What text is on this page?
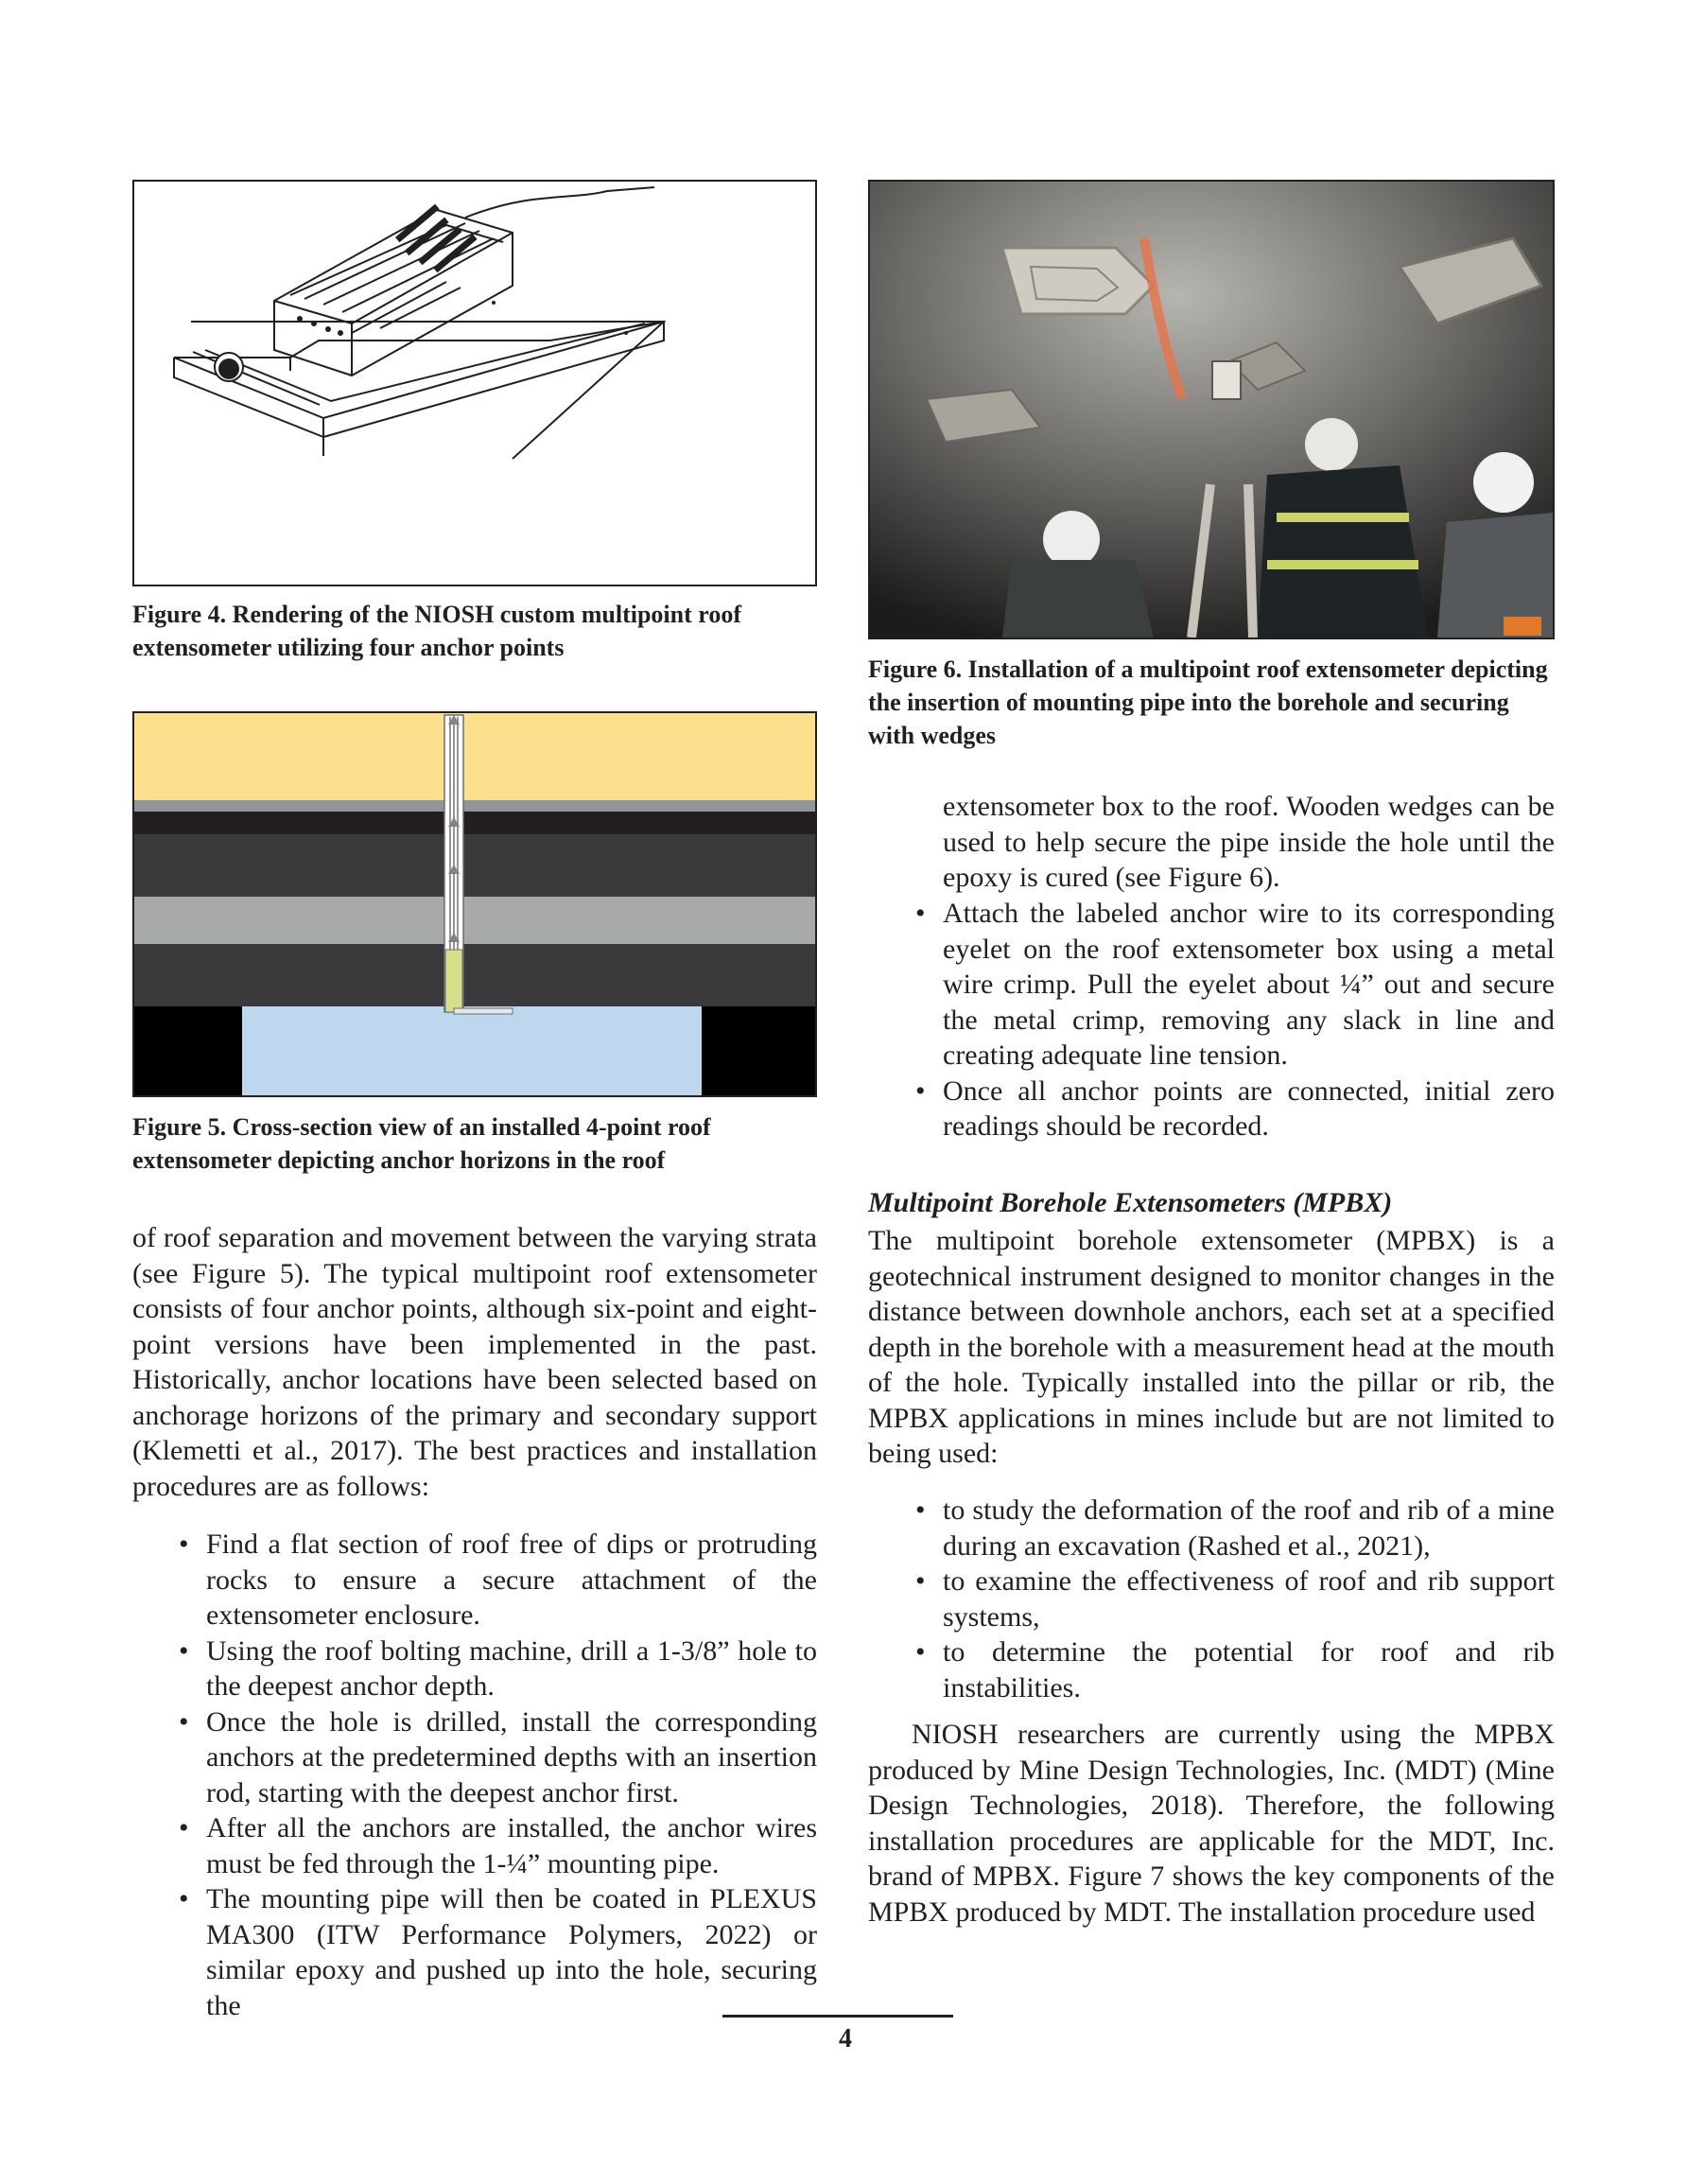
Figure 4. Rendering of the NIOSH custom multipoint roof extensometer utilizing four anchor points

Figure 5. Cross-section view of an installed 4-point roof extensometer depicting anchor horizons in the roof

Figure 6. Installation of a multipoint roof extensometer depicting the insertion of mounting pipe into the borehole and securing with wedges

of roof separation and movement between the varying strata (see Figure 5). The typical multipoint roof extensometer consists of four anchor points, although six-point and eight-point versions have been implemented in the past. Historically, anchor locations have been selected based on anchorage horizons of the primary and secondary support (Klemetti et al., 2017). The best practices and installation procedures are as follows:

• Find a flat section of roof free of dips or protruding rocks to ensure a secure attachment of the extensometer enclosure.
• Using the roof bolting machine, drill a 1-3/8” hole to the deepest anchor depth.
• Once the hole is drilled, install the corresponding anchors at the predetermined depths with an insertion rod, starting with the deepest anchor first.
• After all the anchors are installed, the anchor wires must be fed through the 1-¼” mounting pipe.
• The mounting pipe will then be coated in PLEXUS MA300 (ITW Performance Polymers, 2022) or similar epoxy and pushed up into the hole, securing the

extensometer box to the roof. Wooden wedges can be used to help secure the pipe inside the hole until the epoxy is cured (see Figure 6).

• Attach the labeled anchor wire to its corresponding eyelet on the roof extensometer box using a metal wire crimp. Pull the eyelet about ¼” out and secure the metal crimp, removing any slack in line and creating adequate line tension.
• Once all anchor points are connected, initial zero readings should be recorded.
Multipoint Borehole Extensometers (MPBX)

The multipoint borehole extensometer (MPBX) is a geotechnical instrument designed to monitor changes in the distance between downhole anchors, each set at a specified depth in the borehole with a measurement head at the mouth of the hole. Typically installed into the pillar or rib, the MPBX applications in mines include but are not limited to being used:

• to study the deformation of the roof and rib of a mine during an excavation (Rashed et al., 2021),
• to examine the effectiveness of roof and rib support systems,
• to determine the potential for roof and rib instabilities.

NIOSH researchers are currently using the MPBX produced by Mine Design Technologies, Inc. (MDT) (Mine Design Technologies, 2018). Therefore, the following installation procedures are applicable for the MDT, Inc. brand of MPBX. Figure 7 shows the key components of the MPBX produced by MDT. The installation procedure used

4
